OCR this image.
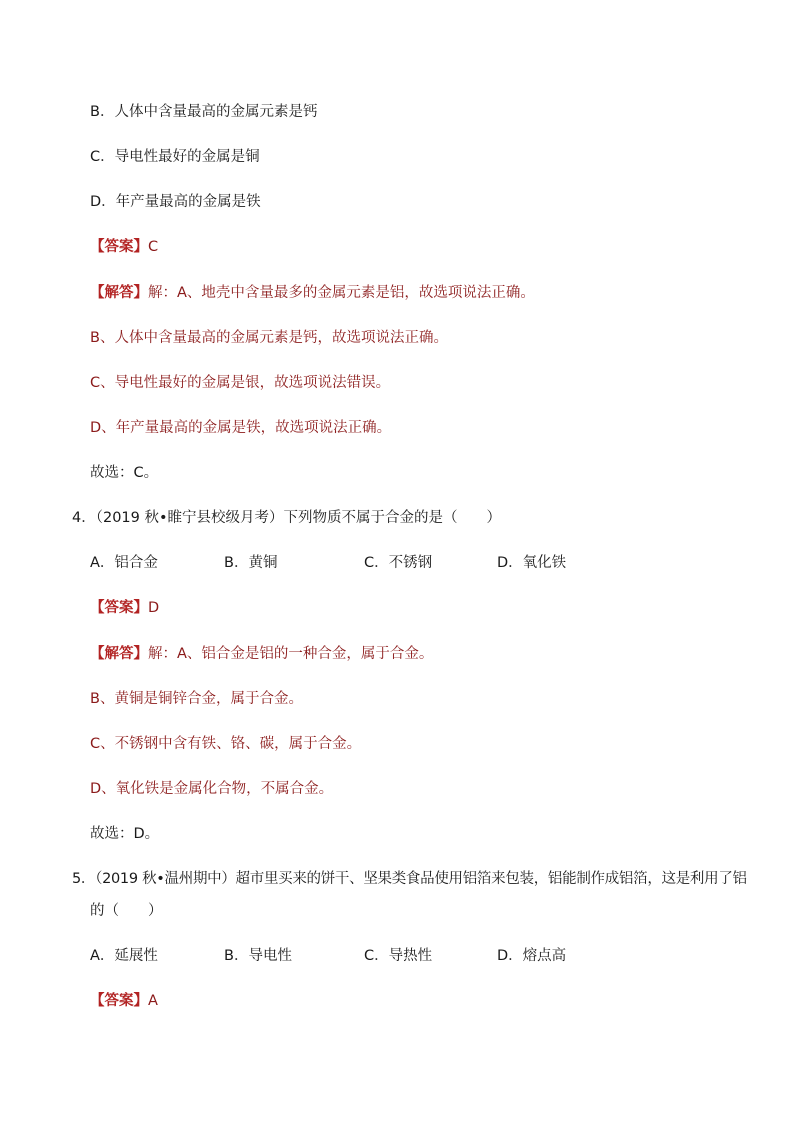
B．人体中含量最高的金属元素是钙
C．导电性最好的金属是铜
D．年产量最高的金属是铁
【答案】C
【解答】解：A、地壳中含量最多的金属元素是铝，故选项说法正确。
B、人体中含量最高的金属元素是钙，故选项说法正确。
C、导电性最好的金属是银，故选项说法错误。
D、年产量最高的金属是铁，故选项说法正确。
故选：C。
4．（2019 秋•睢宁县校级月考）下列物质不属于合金的是（　　）
A．铝合金	B．黄铜	C．不锈钢	D．氧化铁
【答案】D
【解答】解：A、铝合金是铝的一种合金，属于合金。
B、黄铜是铜锌合金，属于合金。
C、不锈钢中含有铁、铬、碳，属于合金。
D、氧化铁是金属化合物，不属合金。
故选：D。
5．（2019 秋•温州期中）超市里买来的饼干、坚果类食品使用铝箔来包装，铝能制作成铝箔，这是利用了铝
的（　　）
A．延展性	B．导电性	C．导热性	D．熔点高
【答案】A
